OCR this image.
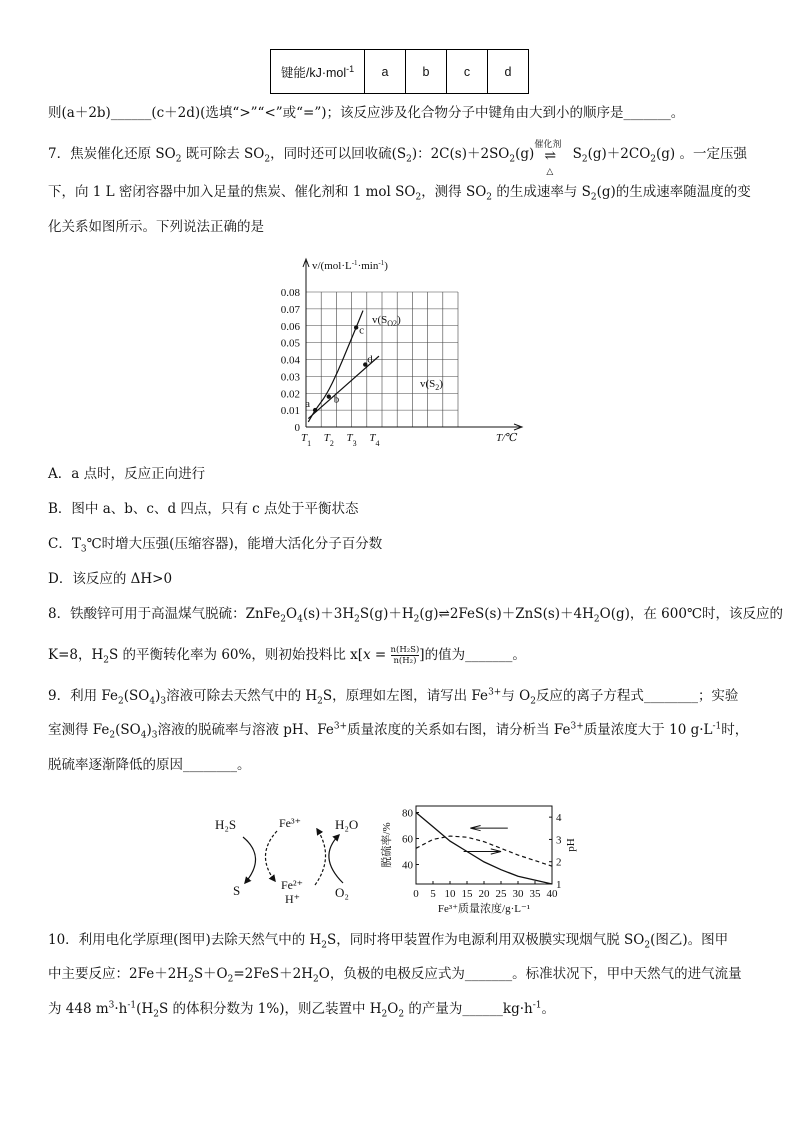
键能/kJ·mol$^{-1}$	a	b	c	d
则(a＋2b)______(c＋2d)(选填“>”“<”或“=”)；该反应涉及化合物分子中键角由大到小的顺序是_______。
7．焦炭催化还原 $SO_2$ 既可除去 $SO_2$，同时还可以回收硫$(S_2)$：$2C(s)+2SO_2(g)$
催化剂
⇌
△
$S_2(g)+2CO_2(g)$ 。一定压强
下，向 1 L 密闭容器中加入足量的焦炭、催化剂和 1 mol $SO_2$，测得 $SO_2$ 的生成速率与 $S_2(g)$的生成速率随温度的变
化关系如图所示。下列说法正确的是
0
0.01
0.02
0.03
0.04
0.05
0.06
0.07
0.08
$T_1$ $T_2$ $T_3$ $T_4$	T/℃
$v/(mol\cdot L^{-1}\cdot\min^{-1})$
a b
c
d
$v(S_{O2})$
$v(S_2)$
A．a 点时，反应正向进行
B．图中 a、b、c、d 四点，只有 c 点处于平衡状态
C．$T_3℃$时增大压强(压缩容器)，能增大活化分子百分数
D．该反应的 ΔH>0
8．铁酸锌可用于高温煤气脱硫：$ZnFe_2O_4(s)+3H_2S(g)+H_2(g)\rightleftharpoons 2FeS(s)+ZnS(s)+4H_2O(g)$，在 600℃时，该反应的
K=8，$H_2S$ 的平衡转化率为 60%，则初始投料比 $x[x = \frac{\text{n(H₂S)}}{\text{n(H₂)}}$ ]的值为_______。
9．利用 $Fe_2(SO_4)_3$溶液可除去天然气中的 $H_2S$，原理如左图，请写出 $Fe^{3+}$与 $O_2$反应的离子方程式________；实验
室测得 $Fe_2(SO_4)_3$溶液的脱硫率与溶液 pH、$Fe^{3+}$质量浓度的关系如右图，请分析当 $Fe^{3+}$质量浓度大于 10 $g\cdot L^{-1}$时，
脱硫率逐渐降低的原因________。
H₂S
S
Fe³⁺
Fe²⁺
H⁺
H₂O
O₂	0 5 10 15 20 25 30 35 40
40
60
80
1
2
3
4
脱硫率/%	pH
Fe³⁺质量浓度/g·L⁻¹
10．利用电化学原理(图甲)去除天然气中的 $H_2S$，同时将甲装置作为电源利用双极膜实现烟气脱 $SO_2$(图乙)。图甲
中主要反应：$2Fe+2H_2S+O_2=2FeS+2H_2O$，负极的电极反应式为_______。标准状况下，甲中天然气的进气流量
为 448 $m^3\cdot h^{-1}(H_2S$ 的体积分数为 1%)，则乙装置中 $H_2O_2$ 的产量为$\_\_\_\_\_\_kg\cdot h^{-1}$。
